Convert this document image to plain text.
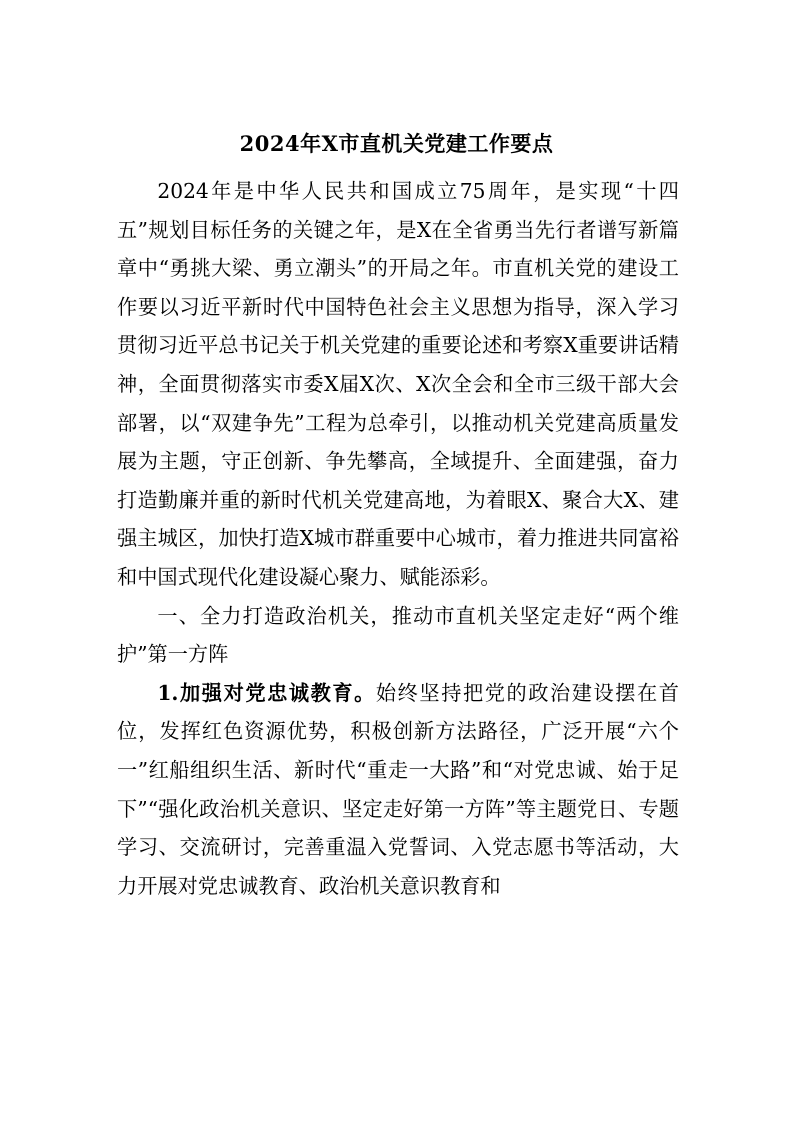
2024年X市直机关党建工作要点

2024年是中华人民共和国成立75周年，是实现“十四五”规划目标任务的关键之年，是X在全省勇当先行者谱写新篇章中“勇挑大梁、勇立潮头”的开局之年。市直机关党的建设工作要以习近平新时代中国特色社会主义思想为指导，深入学习贯彻习近平总书记关于机关党建的重要论述和考察X重要讲话精神，全面贯彻落实市委X届X次、X次全会和全市三级干部大会部署，以“双建争先”工程为总牵引，以推动机关党建高质量发展为主题，守正创新、争先攀高，全域提升、全面建强，奋力打造勤廉并重的新时代机关党建高地，为着眼X、聚合大X、建强主城区，加快打造X城市群重要中心城市，着力推进共同富裕和中国式现代化建设凝心聚力、赋能添彩。

一、全力打造政治机关，推动市直机关坚定走好“两个维护”第一方阵

1.加强对党忠诚教育。始终坚持把党的政治建设摆在首位，发挥红色资源优势，积极创新方法路径，广泛开展“六个一”红船组织生活、新时代“重走一大路”和“对党忠诚、始于足下”“强化政治机关意识、坚定走好第一方阵”等主题党日、专题学习、交流研讨，完善重温入党誓词、入党志愿书等活动，大力开展对党忠诚教育、政治机关意识教育和
